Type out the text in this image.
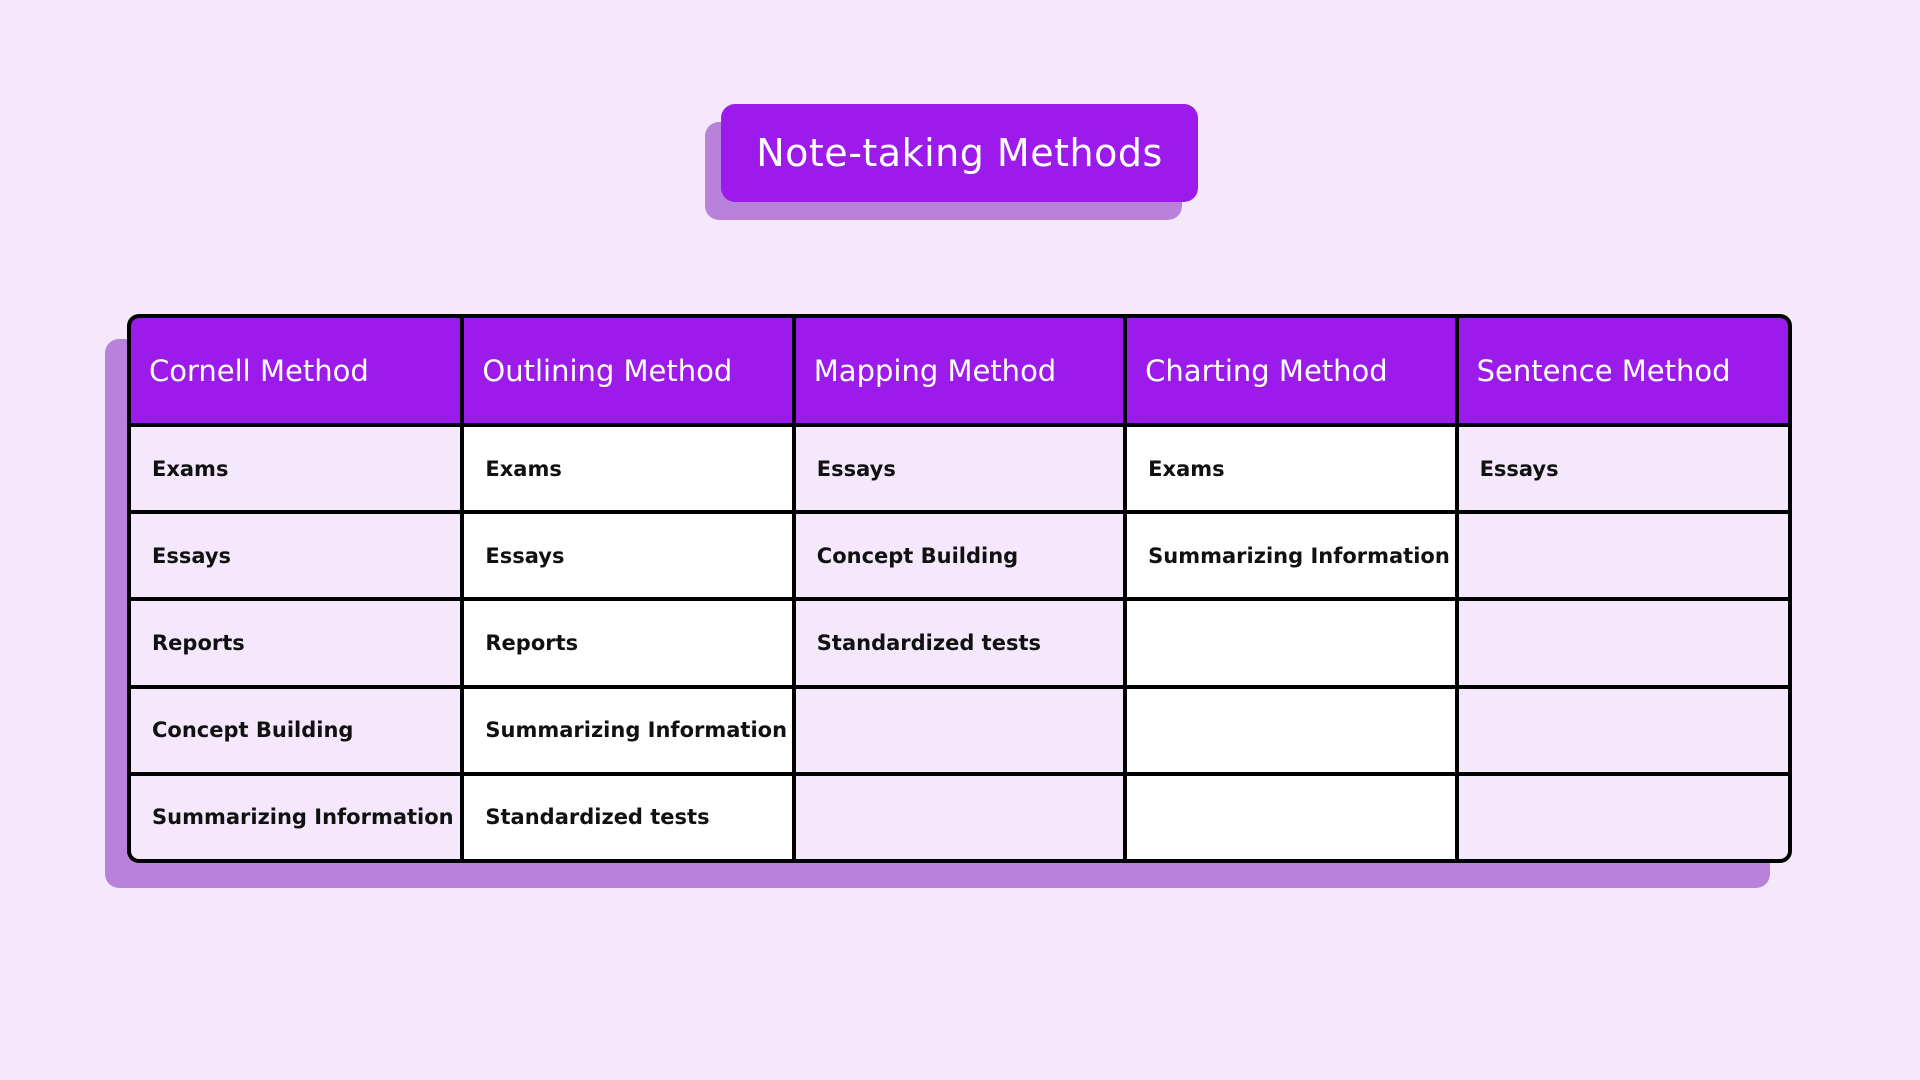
Note-taking Methods
Cornell Method	Outlining Method	Mapping Method	Charting Method	Sentence Method
Exams	Exams	Essays	Exams	Essays
Essays	Essays	Concept Building	Summarizing Information	
Reports	Reports	Standardized tests		
Concept Building	Summarizing Information			
Summarizing Information	Standardized tests			
